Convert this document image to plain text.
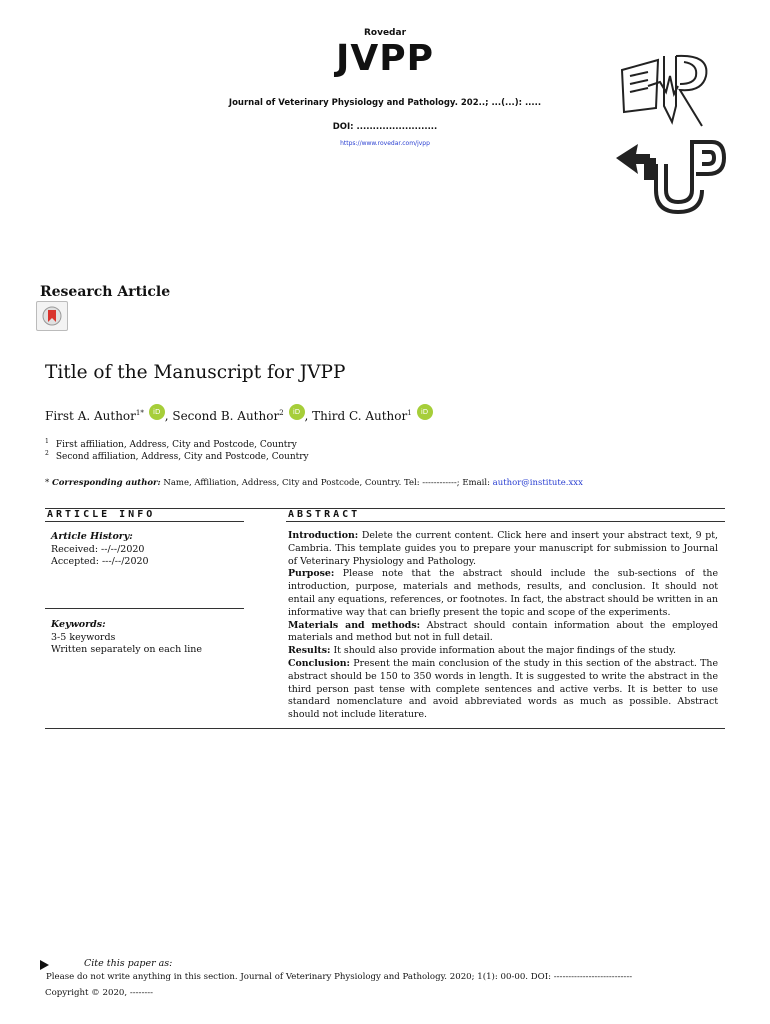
Rovedar
JVPP
Journal of Veterinary Physiology and Pathology. 202..; ...(...): .....
DOI: .........................
https://www.rovedar.com/jvpp
Research Article
Title of the Manuscript for JVPP
First A. Author$^{1*}$ iD , Second B. Author$^2$ iD , Third C. Author$^1$ iD
$^1$ First affiliation, Address, City and Postcode, Country
$^2$ Second affiliation, Address, City and Postcode, Country
* Corresponding author: Name, Affiliation, Address, City and Postcode, Country. Tel: ------------; Email: author@institute.xxx
ARTICLE INFO	ABSTRACT
Article History:
Received: --/--/2020
Accepted: ---/--/2020
Keywords:
3-5 keywords
Written separately on each line
Introduction: Delete the current content. Click here and insert your abstract text, 9 pt, Cambria. This template guides you to prepare your manuscript for submission to Journal of Veterinary Physiology and Pathology.
Purpose: Please note that the abstract should include the sub-sections of the introduction, purpose, materials and methods, results, and conclusion. It should not entail any equations, references, or footnotes. In fact, the abstract should be written in an informative way that can briefly present the topic and scope of the experiments.
Materials and methods: Abstract should contain information about the employed materials and method but not in full detail.
Results: It should also provide information about the major findings of the study.
Conclusion: Present the main conclusion of the study in this section of the abstract. The abstract should be 150 to 350 words in length. It is suggested to write the abstract in the third person past tense with complete sentences and active verbs. It is better to use standard nomenclature and avoid abbreviated words as much as possible. Abstract should not include literature.
Cite this paper as:
Please do not write anything in this section. Journal of Veterinary Physiology and Pathology. 2020; 1(1): 00-00. DOI: ---------------------------
Copyright © 2020, --------
